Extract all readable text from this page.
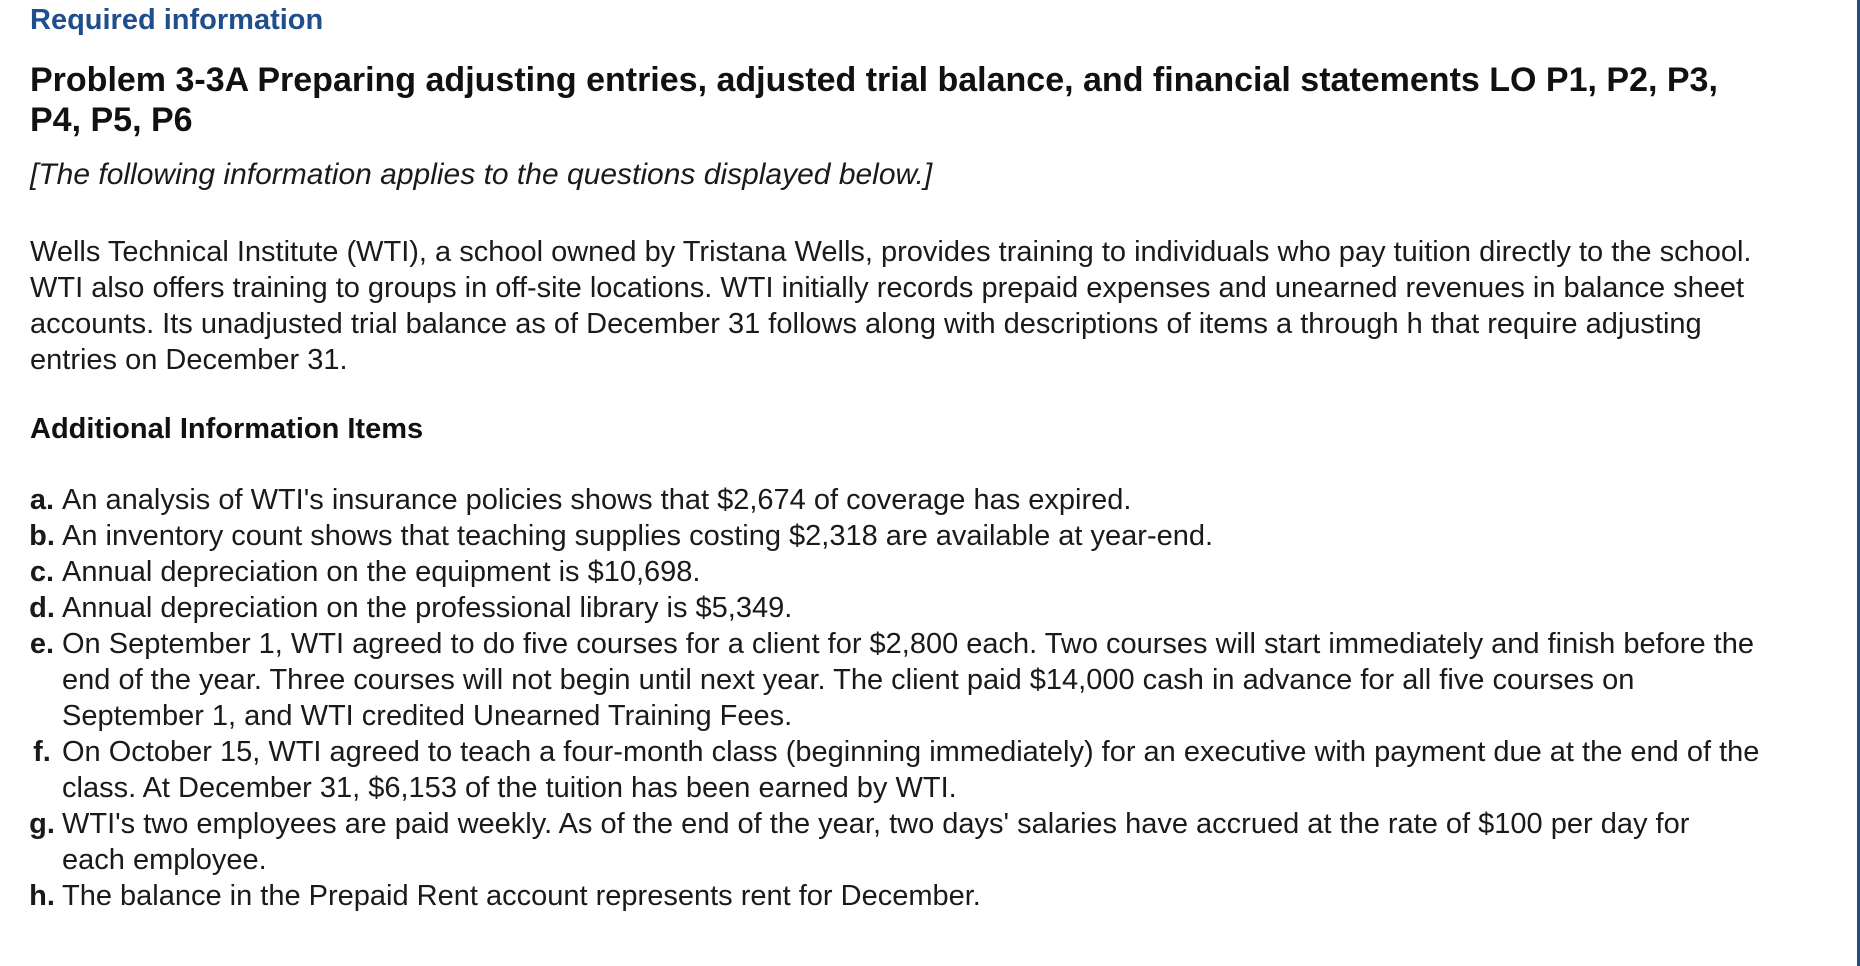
Required information
Problem 3-3A Preparing adjusting entries, adjusted trial balance, and financial statements LO P1, P2, P3, P4, P5, P6
[The following information applies to the questions displayed below.]

Wells Technical Institute (WTI), a school owned by Tristana Wells, provides training to individuals who pay tuition directly to the school. WTI also offers training to groups in off-site locations. WTI initially records prepaid expenses and unearned revenues in balance sheet accounts. Its unadjusted trial balance as of December 31 follows along with descriptions of items a through h that require adjusting entries on December 31.

Additional Information Items
a. An analysis of WTI's insurance policies shows that $2,674 of coverage has expired.
b. An inventory count shows that teaching supplies costing $2,318 are available at year-end.
c. Annual depreciation on the equipment is $10,698.
d. Annual depreciation on the professional library is $5,349.
e. On September 1, WTI agreed to do five courses for a client for $2,800 each. Two courses will start immediately and finish before the end of the year. Three courses will not begin until next year. The client paid $14,000 cash in advance for all five courses on September 1, and WTI credited Unearned Training Fees.
f. On October 15, WTI agreed to teach a four-month class (beginning immediately) for an executive with payment due at the end of the class. At December 31, $6,153 of the tuition has been earned by WTI.
g. WTI's two employees are paid weekly. As of the end of the year, two days' salaries have accrued at the rate of $100 per day for each employee.
h. The balance in the Prepaid Rent account represents rent for December.
